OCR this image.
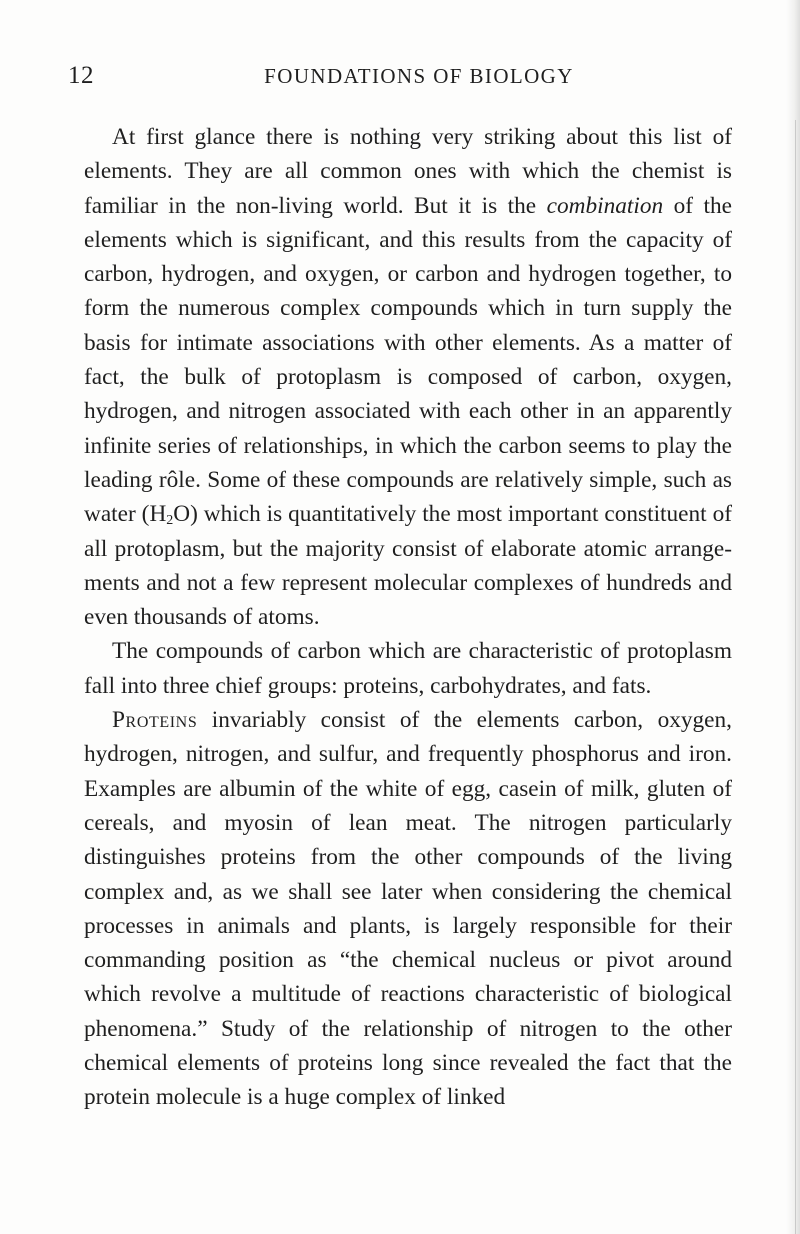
12	FOUNDATIONS OF BIOLOGY

At first glance there is nothing very striking about this list of elements. They are all common ones with which the chemist is familiar in the non-living world. But it is the combination of the elements which is significant, and this results from the capacity of carbon, hydrogen, and oxygen, or carbon and hydrogen together, to form the numerous complex compounds which in turn supply the basis for intimate associations with other elements. As a matter of fact, the bulk of protoplasm is composed of carbon, oxygen, hydrogen, and nitrogen associated with each other in an apparently infinite series of relationships, in which the carbon seems to play the leading rôle. Some of these compounds are relatively simple, such as water $(H_2O)$ which is quantitatively the most important constituent of all protoplasm, but the majority consist of elaborate atomic arrangements and not a few represent molecular complexes of hundreds and even thousands of atoms.

The compounds of carbon which are characteristic of protoplasm fall into three chief groups: proteins, carbohydrates, and fats.

Proteins invariably consist of the elements carbon, oxygen, hydrogen, nitrogen, and sulfur, and frequently phosphorus and iron. Examples are albumin of the white of egg, casein of milk, gluten of cereals, and myosin of lean meat. The nitrogen particularly distinguishes proteins from the other compounds of the living complex and, as we shall see later when considering the chemical processes in animals and plants, is largely responsible for their commanding position as “the chemical nucleus or pivot around which revolve a multitude of reactions characteristic of biological phenomena.” Study of the relationship of nitrogen to the other chemical elements of proteins long since revealed the fact that the protein molecule is a huge complex of linked
